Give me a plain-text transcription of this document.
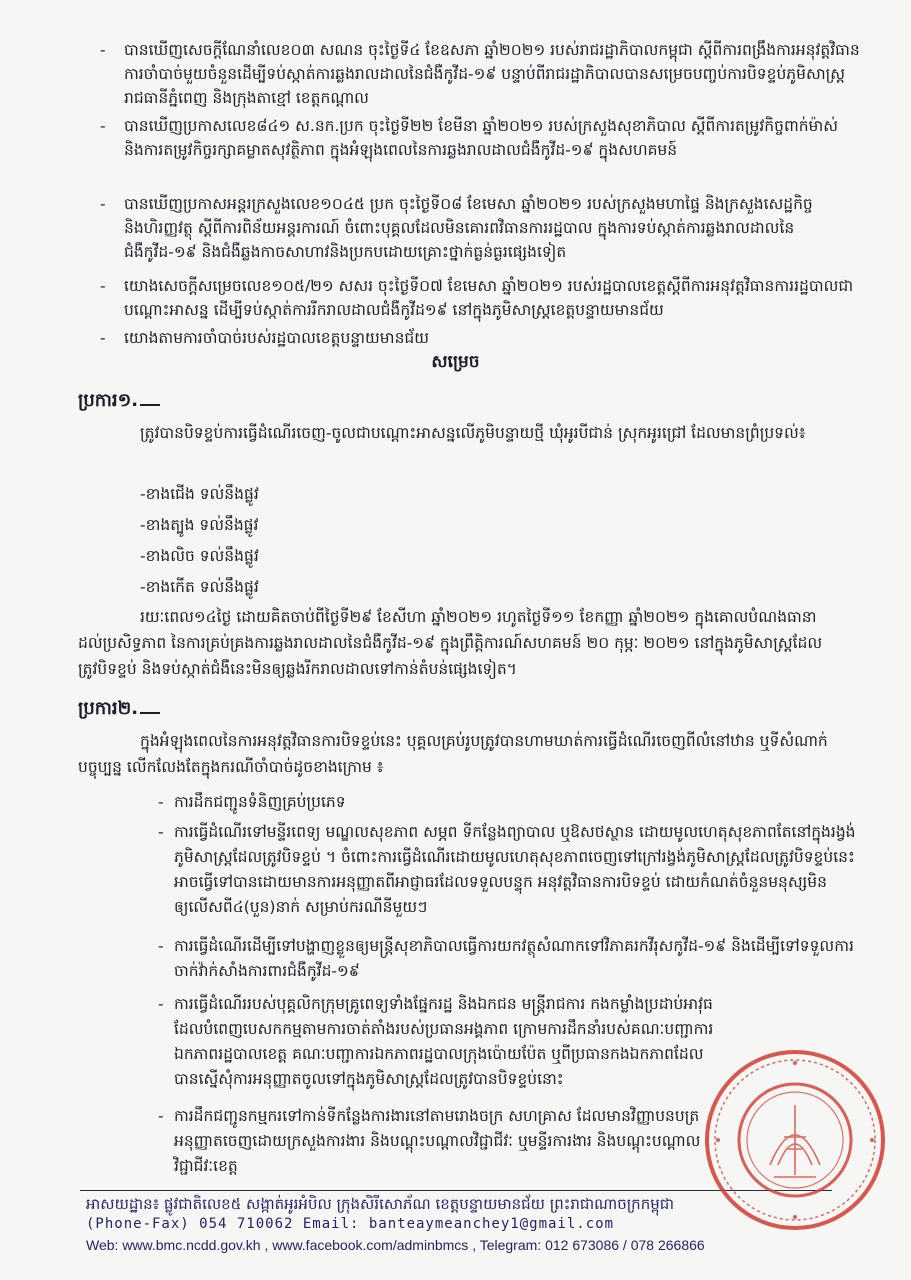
- បានឃើញសេចក្តីណែនាំលេខ០៣ សណន ចុះថ្ងៃទី៤ ខែឧសភា ឆ្នាំ២០២១ របស់រាជរដ្ឋាភិបាលកម្ពុជា ស្តីពីការពង្រឹងការអនុវត្តវិធានការចាំបាច់មួយចំនួនដើម្បីទប់ស្កាត់ការឆ្លងរាលដាលនៃជំងឺកូវីដ-១៩ បន្ទាប់ពីរាជរដ្ឋាភិបាលបានសម្រេចបញ្ចប់ការបិទខ្ទប់ភូមិសាស្ត្ររាជធានីភ្នំពេញ និងក្រុងតាខ្មៅ ខេត្តកណ្តាល
- បានឃើញប្រកាសលេខ៨៤១ ស.នក.ប្រក ចុះថ្ងៃទី២២ ខែមីនា ឆ្នាំ២០២១ របស់ក្រសួងសុខាភិបាល ស្តីពីការតម្រូវកិច្ចពាក់ម៉ាស់ និងការតម្រូវកិច្ចរក្សាគម្លាតសុវត្ថិភាព ក្នុងអំឡុងពេលនៃការឆ្លងរាលដាលជំងឺកូវីដ-១៩ ក្នុងសហគមន៍
- បានឃើញប្រកាសអន្តរក្រសួងលេខ១០៤៥ ប្រក ចុះថ្ងៃទី០៨ ខែមេសា ឆ្នាំ២០២១ របស់ក្រសួងមហាផ្ទៃ និងក្រសួងសេដ្ឋកិច្ច និងហិរញ្ញវត្ថុ ស្តីពីការពិន័យអន្តរការណ៍ ចំពោះបុគ្គលដែលមិនគោរពវិធានការរដ្ឋបាល ក្នុងការទប់ស្កាត់ការឆ្លងរាលដាលនៃជំងឺកូវីដ-១៩ និងជំងឺឆ្លងកាចសាហាវនិងប្រកបដោយគ្រោះថ្នាក់ធ្ងន់ធ្ងរផ្សេងទៀត
- យោងសេចក្តីសម្រេចលេខ១០៥/២១ សសរ ចុះថ្ងៃទី០៧ ខែមេសា ឆ្នាំ២០២១ របស់រដ្ឋបាលខេត្តស្តីពីការអនុវត្តវិធានការរដ្ឋបាលជាបណ្តោះអាសន្ន ដើម្បីទប់ស្កាត់ការរីករាលដាលជំងឺកូវីដ១៩ នៅក្នុងភូមិសាស្ត្រខេត្តបន្ទាយមានជ័យ
- យោងតាមការចាំបាច់របស់រដ្ឋបាលខេត្តបន្ទាយមានជ័យ
សម្រេច
ប្រការ១.
ត្រូវបានបិទខ្ទប់ការធ្វើដំណើរចេញ-ចូលជាបណ្តោះអាសន្នលើភូមិបន្ទាយថ្មី ឃុំអូរបីជាន់ ស្រុកអូរជ្រៅ ដែលមានព្រំប្រទល់៖
-ខាងជើង ទល់នឹងផ្លូវ
-ខាងត្បូង ទល់នឹងផ្លូវ
-ខាងលិច ទល់នឹងផ្លូវ
-ខាងកើត ទល់នឹងផ្លូវ
រយៈពេល១៤ថ្ងៃ ដោយគិតចាប់ពីថ្ងៃទី២៩ ខែសីហា ឆ្នាំ២០២១ រហូតថ្ងៃទី១១ ខែកញ្ញា ឆ្នាំ២០២១ ក្នុងគោលបំណងធានាដល់ប្រសិទ្ធភាព នៃការគ្រប់គ្រងការឆ្លងរាលដាលនៃជំងឺកូវីដ-១៩ ក្នុងព្រឹត្តិការណ៍សហគមន៍ ២០ កុម្ភៈ ២០២១ នៅក្នុងភូមិសាស្ត្រដែលត្រូវបិទខ្ទប់ និងទប់ស្កាត់ជំងឺនេះមិនឲ្យឆ្លងរីករាលដាលទៅកាន់តំបន់ផ្សេងទៀត។
ប្រការ២.
ក្នុងអំឡុងពេលនៃការអនុវត្តវិធានការបិទខ្ទប់នេះ បុគ្គលគ្រប់រូបត្រូវបានហាមឃាត់ការធ្វើដំណើរចេញពីលំនៅឋាន ឬទីសំណាក់បច្ចុប្បន្ន លើកលែងតែក្នុងករណីចាំបាច់ដូចខាងក្រោម ៖
- ការដឹកជញ្ជូនទំនិញគ្រប់ប្រភេទ
- ការធ្វើដំណើរទៅមន្ទីរពេទ្យ មណ្ឌលសុខភាព សម្ភព ទីកន្លែងព្យាបាល ឬឱសថស្ថាន ដោយមូលហេតុសុខភាពតែនៅក្នុងរង្វង់ភូមិសាស្ត្រដែលត្រូវបិទខ្ទប់ ។ ចំពោះការធ្វើដំណើរដោយមូលហេតុសុខភាពចេញទៅក្រៅរង្វង់ភូមិសាស្ត្រដែលត្រូវបិទខ្ទប់នេះ អាចធ្វើទៅបានដោយមានការអនុញ្ញាតពីអាជ្ញាធរដែលទទួលបន្ទុក អនុវត្តវិធានការបិទខ្ទប់ ដោយកំណត់ចំនួនមនុស្សមិនឲ្យលើសពី៤(បួន)នាក់ សម្រាប់ករណីនីមួយៗ
- ការធ្វើដំណើរដើម្បីទៅបង្ហាញខ្លួនឲ្យមន្ត្រីសុខាភិបាលធ្វើការយកវត្ថុសំណាកទៅវិភាគរកវីរុសកូវីដ-១៩ និងដើម្បីទៅទទួលការចាក់វ៉ាក់សាំងការពារជំងឺកូវីដ-១៩
- ការធ្វើដំណើររបស់បុគ្គលិកក្រុមគ្រូពេទ្យទាំងផ្នែករដ្ឋ និងឯកជន មន្ត្រីរាជការ កងកម្លាំងប្រដាប់អាវុធ ដែលបំពេញបេសកកម្មតាមការចាត់តាំងរបស់ប្រធានអង្គភាព ក្រោមការដឹកនាំរបស់គណៈបញ្ជាការឯកភាពរដ្ឋបាលខេត្ត គណៈបញ្ជាការឯកភាពរដ្ឋបាលក្រុងប៉ោយប៉ែត ឬពីប្រធានកងឯកភាពដែលបានស្នើសុំការអនុញ្ញាតចូលទៅក្នុងភូមិសាស្ត្រដែលត្រូវបានបិទខ្ទប់នោះ
- ការដឹកជញ្ជូនកម្មករទៅកាន់ទីកន្លែងការងារនៅតាមរោងចក្រ សហគ្រាស ដែលមានវិញ្ញាបនបត្រអនុញ្ញាតចេញដោយក្រសួងការងារ និងបណ្តុះបណ្តាលវិជ្ជាជីវៈ ឬមន្ទីរការងារ និងបណ្តុះបណ្តាលវិជ្ជាជីវៈខេត្ត
អាសយដ្ឋាន៖ ផ្លូវជាតិលេខ៥ សង្កាត់អូរអំបិល ក្រុងសិរីសោភ័ណ ខេត្តបន្ទាយមានជ័យ ព្រះរាជាណាចក្រកម្ពុជា
(Phone-Fax) 054 710062 Email: banteaymeanchey1@gmail.com
Web: www.bmc.ncdd.gov.kh , www.facebook.com/adminbmcs , Telegram: 012 673086 / 078 266866
